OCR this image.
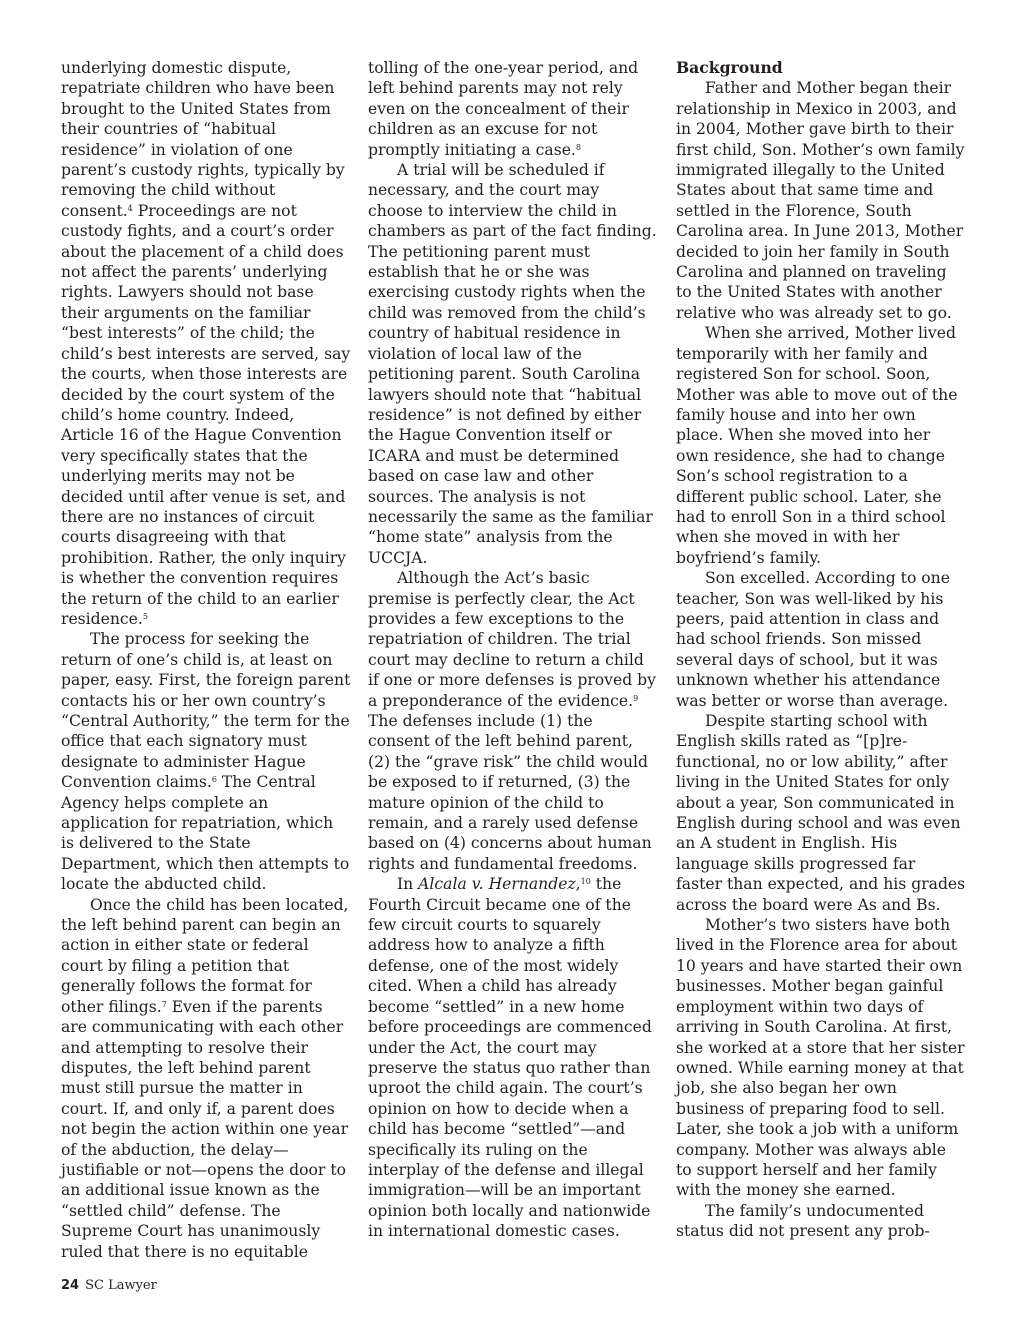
underlying domestic dispute, repatriate children who have been brought to the United States from their countries of “habitual residence” in violation of one parent’s custody rights, typically by removing the child without consent.$^4$ Proceedings are not custody fights, and a court’s order about the placement of a child does not affect the parents’ underlying rights. Lawyers should not base their arguments on the familiar “best interests” of the child; the child’s best interests are served, say the courts, when those interests are decided by the court system of the child’s home country. Indeed, Article 16 of the Hague Convention very specifically states that the underlying merits may not be decided until after venue is set, and there are no instances of circuit courts disagreeing with that prohibition. Rather, the only inquiry is whether the convention requires the return of the child to an earlier residence.$^5$

The process for seeking the return of one’s child is, at least on paper, easy. First, the foreign parent contacts his or her own country’s “Central Authority,” the term for the office that each signatory must designate to administer Hague Convention claims.$^6$ The Central Agency helps complete an application for repatriation, which is delivered to the State Department, which then attempts to locate the abducted child.

Once the child has been located, the left behind parent can begin an action in either state or federal court by filing a petition that generally follows the format for other filings.$^7$ Even if the parents are communicating with each other and attempting to resolve their disputes, the left behind parent must still pursue the matter in court. If, and only if, a parent does not begin the action within one year of the abduction, the delay—justifiable or not—opens the door to an additional issue known as the “settled child” defense. The Supreme Court has unanimously ruled that there is no equitable

tolling of the one-year period, and left behind parents may not rely even on the concealment of their children as an excuse for not promptly initiating a case.$^8$

A trial will be scheduled if necessary, and the court may choose to interview the child in chambers as part of the fact finding. The petitioning parent must establish that he or she was exercising custody rights when the child was removed from the child’s country of habitual residence in violation of local law of the petitioning parent. South Carolina lawyers should note that “habitual residence” is not defined by either the Hague Convention itself or ICARA and must be determined based on case law and other sources. The analysis is not necessarily the same as the familiar “home state” analysis from the UCCJA.

Although the Act’s basic premise is perfectly clear, the Act provides a few exceptions to the repatriation of children. The trial court may decline to return a child if one or more defenses is proved by a preponderance of the evidence.$^9$ The defenses include (1) the consent of the left behind parent, (2) the “grave risk” the child would be exposed to if returned, (3) the mature opinion of the child to remain, and a rarely used defense based on (4) concerns about human rights and fundamental freedoms.

In Alcala v. Hernandez,$^{10}$ the Fourth Circuit became one of the few circuit courts to squarely address how to analyze a fifth defense, one of the most widely cited. When a child has already become “settled” in a new home before proceedings are commenced under the Act, the court may preserve the status quo rather than uproot the child again. The court’s opinion on how to decide when a child has become “settled”—and specifically its ruling on the interplay of the defense and illegal immigration—will be an important opinion both locally and nationwide in international domestic cases.

Background

Father and Mother began their relationship in Mexico in 2003, and in 2004, Mother gave birth to their first child, Son. Mother’s own family immigrated illegally to the United States about that same time and settled in the Florence, South Carolina area. In June 2013, Mother decided to join her family in South Carolina and planned on traveling to the United States with another relative who was already set to go.

When she arrived, Mother lived temporarily with her family and registered Son for school. Soon, Mother was able to move out of the family house and into her own place. When she moved into her own residence, she had to change Son’s school registration to a different public school. Later, she had to enroll Son in a third school when she moved in with her boyfriend’s family.

Son excelled. According to one teacher, Son was well-liked by his peers, paid attention in class and had school friends. Son missed several days of school, but it was unknown whether his attendance was better or worse than average.

Despite starting school with English skills rated as “[p]re-functional, no or low ability,” after living in the United States for only about a year, Son communicated in English during school and was even an A student in English. His language skills progressed far faster than expected, and his grades across the board were As and Bs.

Mother’s two sisters have both lived in the Florence area for about 10 years and have started their own businesses. Mother began gainful employment within two days of arriving in South Carolina. At first, she worked at a store that her sister owned. While earning money at that job, she also began her own business of preparing food to sell. Later, she took a job with a uniform company. Mother was always able to support herself and her family with the money she earned.

The family’s undocumented status did not present any prob-

24 SC Lawyer
